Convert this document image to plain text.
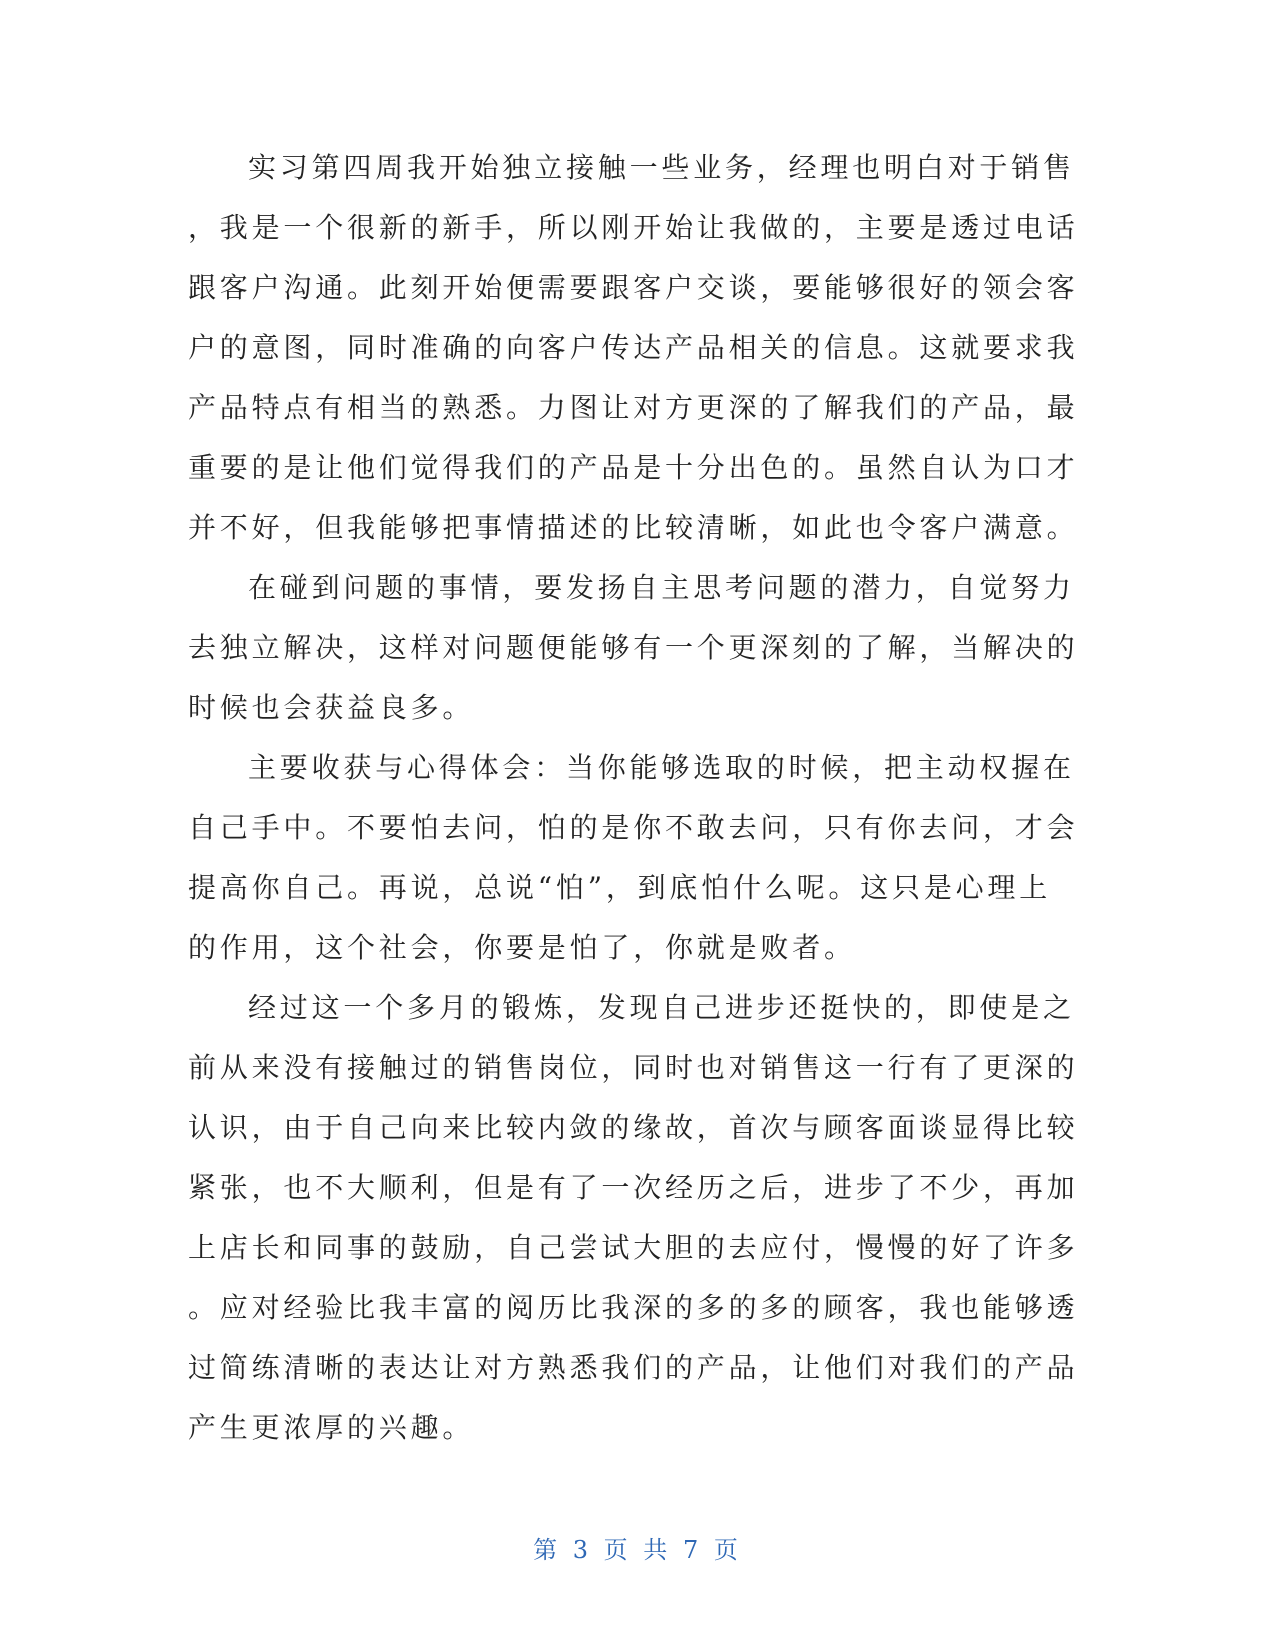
实习第四周我开始独立接触一些业务，经理也明白对于销售
，我是一个很新的新手，所以刚开始让我做的，主要是透过电话
跟客户沟通。此刻开始便需要跟客户交谈，要能够很好的领会客
户的意图，同时准确的向客户传达产品相关的信息。这就要求我
产品特点有相当的熟悉。力图让对方更深的了解我们的产品，最
重要的是让他们觉得我们的产品是十分出色的。虽然自认为口才
并不好，但我能够把事情描述的比较清晰，如此也令客户满意。
在碰到问题的事情，要发扬自主思考问题的潜力，自觉努力
去独立解决，这样对问题便能够有一个更深刻的了解，当解决的
时候也会获益良多。
主要收获与心得体会：当你能够选取的时候，把主动权握在
自己手中。不要怕去问，怕的是你不敢去问，只有你去问，才会
提高你自己。再说，总说“怕”，到底怕什么呢。这只是心理上
的作用，这个社会，你要是怕了，你就是败者。
经过这一个多月的锻炼，发现自己进步还挺快的，即使是之
前从来没有接触过的销售岗位，同时也对销售这一行有了更深的
认识，由于自己向来比较内敛的缘故，首次与顾客面谈显得比较
紧张，也不大顺利，但是有了一次经历之后，进步了不少，再加
上店长和同事的鼓励，自己尝试大胆的去应付，慢慢的好了许多
。应对经验比我丰富的阅历比我深的多的多的顾客，我也能够透
过简练清晰的表达让对方熟悉我们的产品，让他们对我们的产品
产生更浓厚的兴趣。
第 3 页 共 7 页
